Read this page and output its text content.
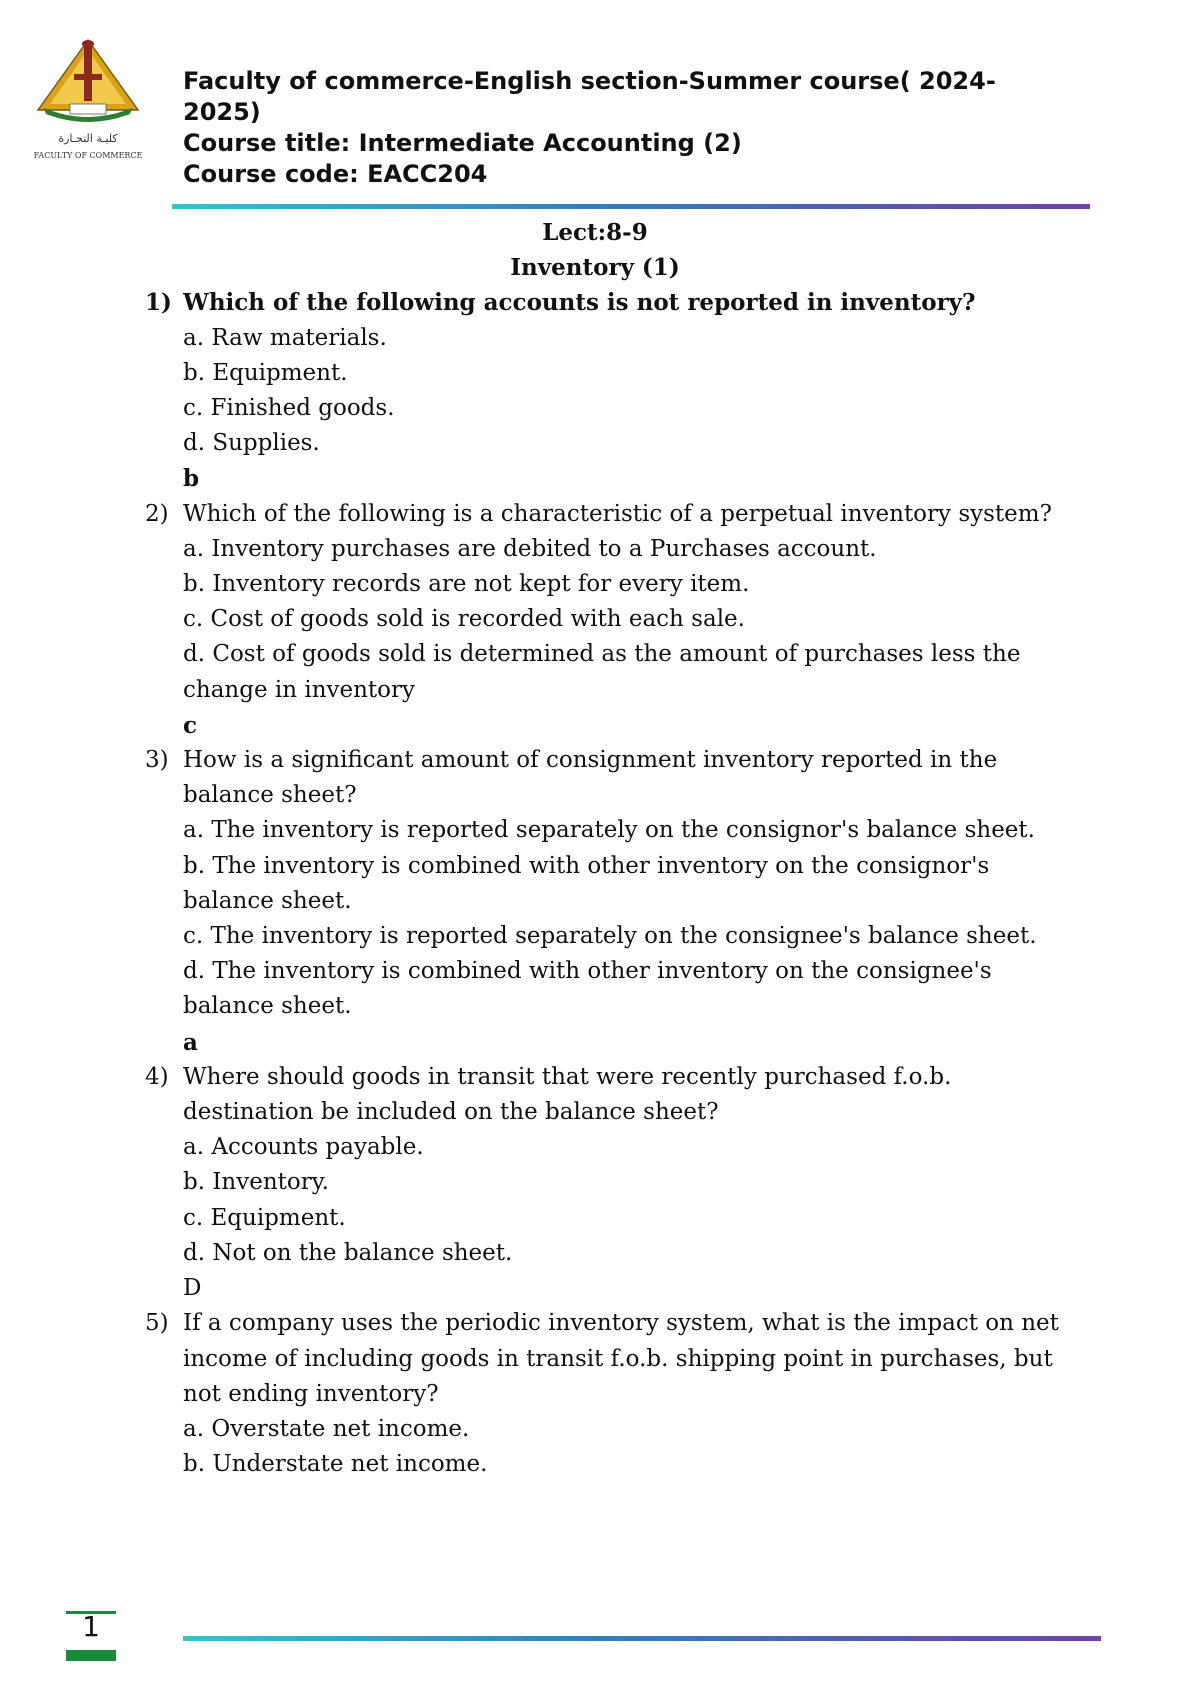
كليـة التجـارة
FACULTY OF COMMERCE
Faculty of commerce-English section-Summer course( 2024-
2025)
Course title: Intermediate Accounting (2)
Course code: EACC204
Lect:8-9
Inventory (1)
1) Which of the following accounts is not reported in inventory?
a. Raw materials.
b. Equipment.
c. Finished goods.
d. Supplies.
b
2) Which of the following is a characteristic of a perpetual inventory system?
a. Inventory purchases are debited to a Purchases account.
b. Inventory records are not kept for every item.
c. Cost of goods sold is recorded with each sale.
d. Cost of goods sold is determined as the amount of purchases less the change in inventory
c
3) How is a significant amount of consignment inventory reported in the balance sheet?
a. The inventory is reported separately on the consignor's balance sheet.
b. The inventory is combined with other inventory on the consignor's balance sheet.
c. The inventory is reported separately on the consignee's balance sheet.
d. The inventory is combined with other inventory on the consignee's balance sheet.
a
4) Where should goods in transit that were recently purchased f.o.b. destination be included on the balance sheet?
a. Accounts payable.
b. Inventory.
c. Equipment.
d. Not on the balance sheet.
D
5) If a company uses the periodic inventory system, what is the impact on net income of including goods in transit f.o.b. shipping point in purchases, but not ending inventory?
a. Overstate net income.
b. Understate net income.
1
